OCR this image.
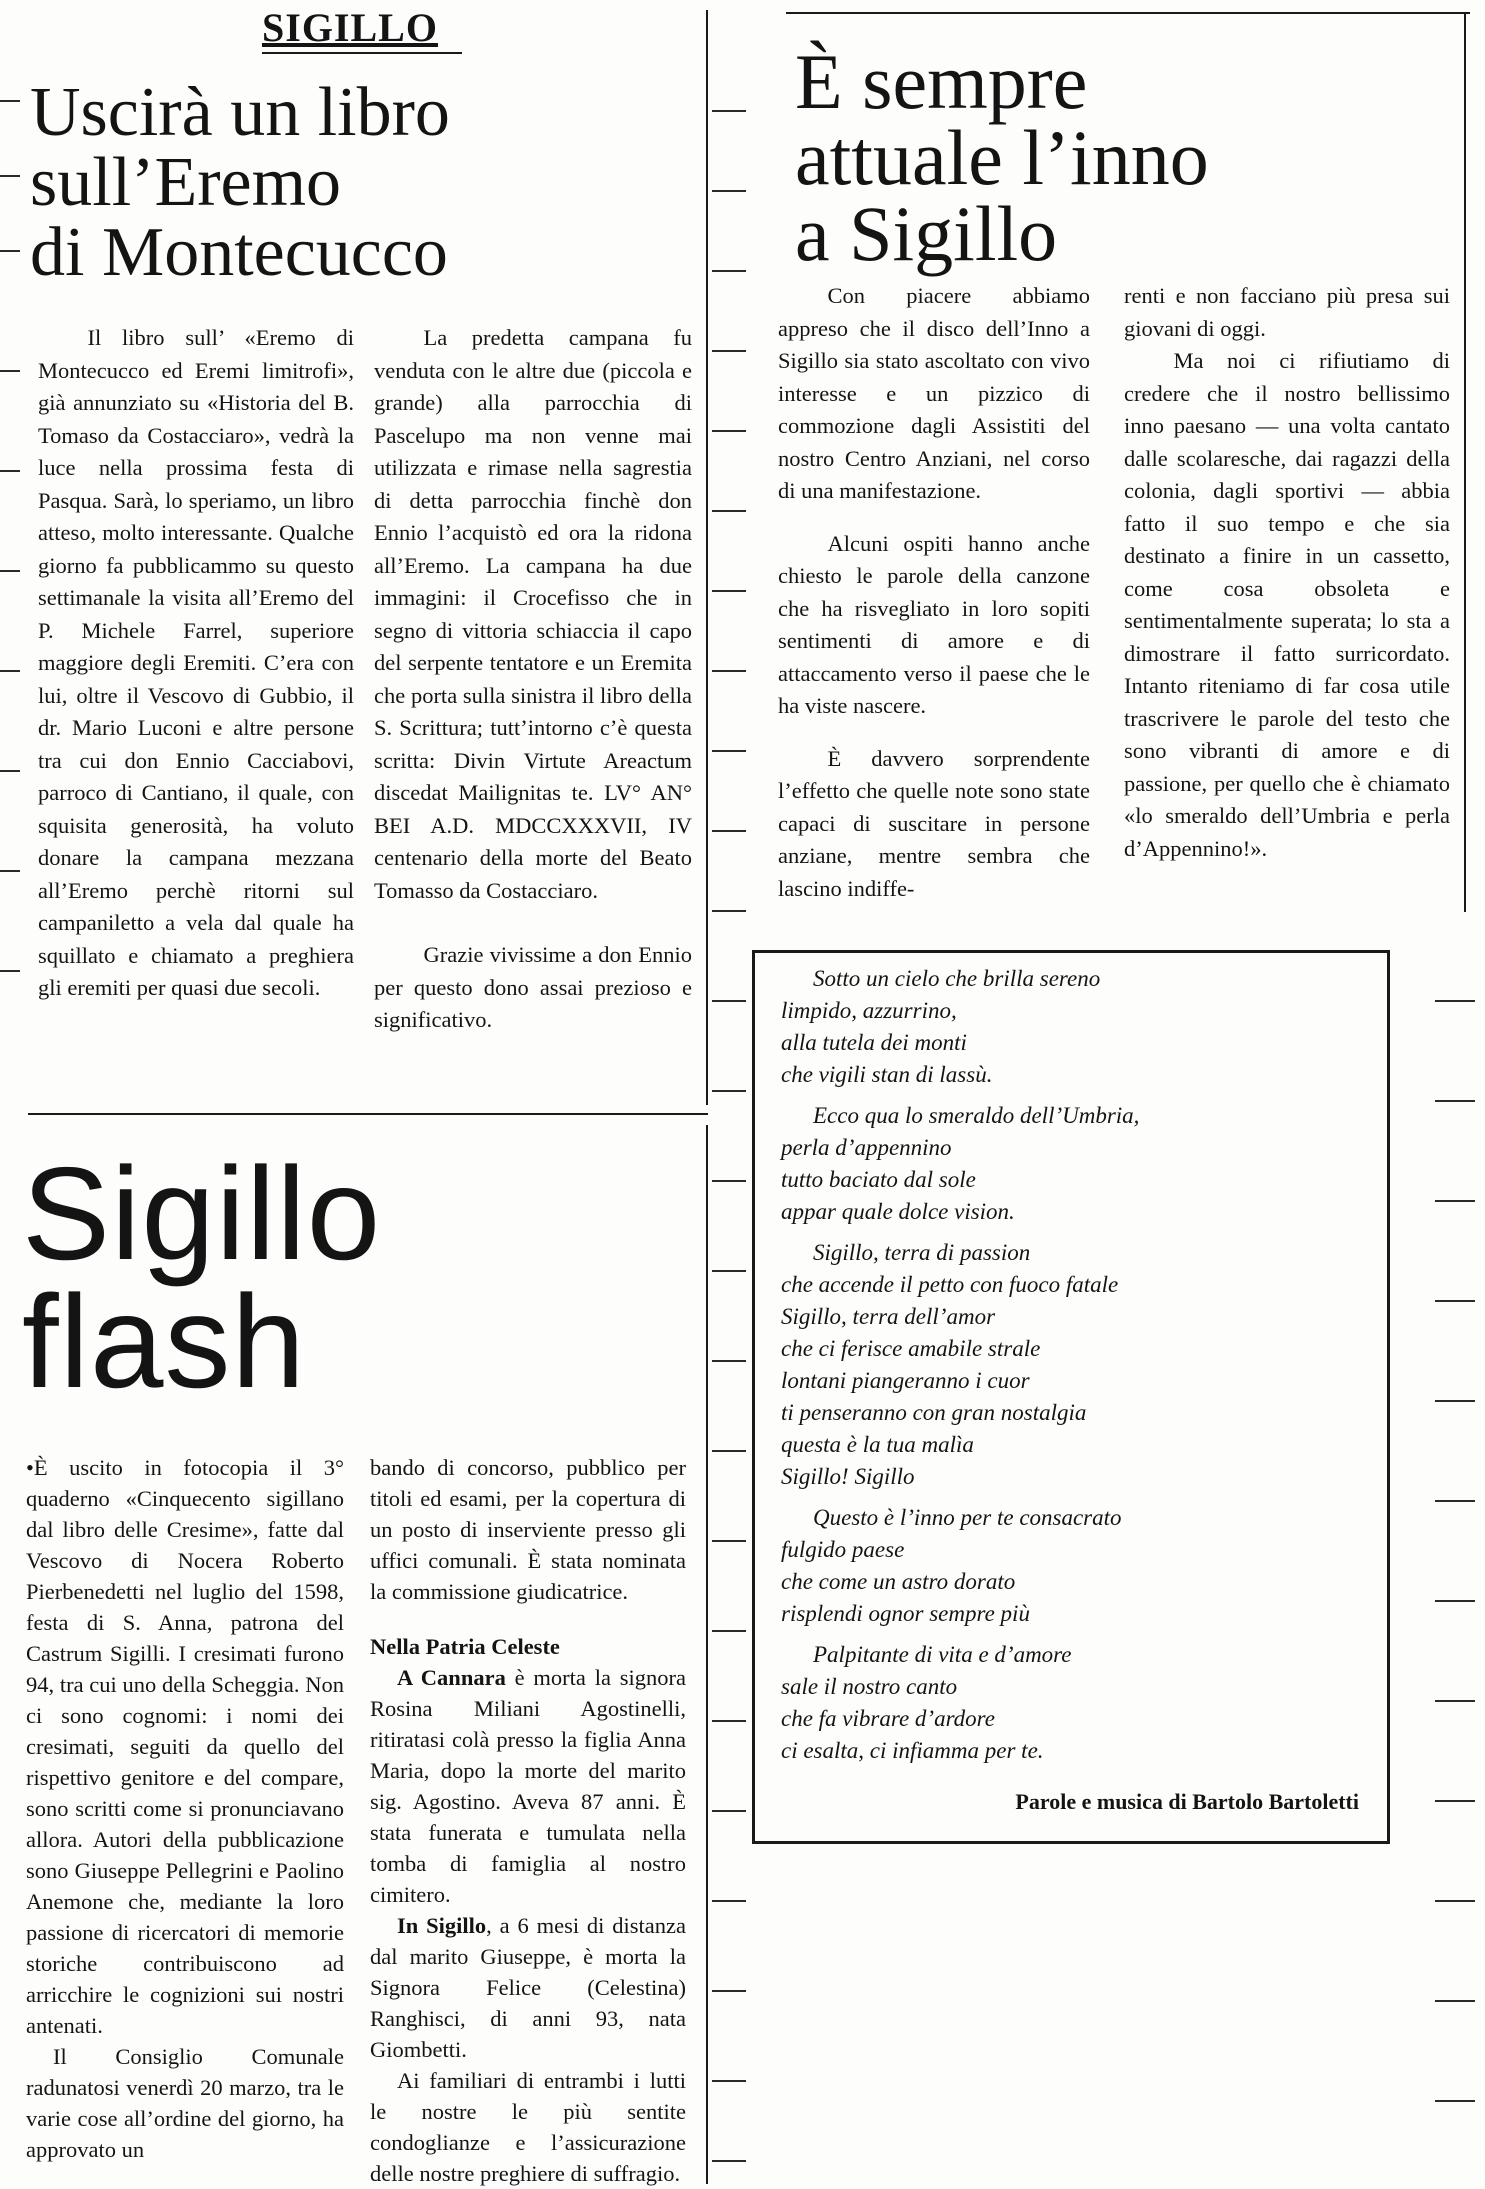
SIGILLO
Uscirà un libro
sull’Eremo
di Montecucco

Il libro sull’ «Eremo di Montecucco ed Eremi limitrofi», già annunziato su «Historia del B. Tomaso da Costacciaro», vedrà la luce nella prossima festa di Pasqua. Sarà, lo speriamo, un libro atteso, molto interessante. Qualche giorno fa pubblicammo su questo settimanale la visita all’Eremo del P. Michele Farrel, superiore maggiore degli Eremiti. C’era con lui, oltre il Vescovo di Gubbio, il dr. Mario Luconi e altre persone tra cui don Ennio Cacciabovi, parroco di Cantiano, il quale, con squisita generosità, ha voluto donare la campana mezzana all’Eremo perchè ritorni sul campaniletto a vela dal quale ha squillato e chiamato a preghiera gli eremiti per quasi due secoli.

La predetta campana fu venduta con le altre due (piccola e grande) alla parrocchia di Pascelupo ma non venne mai utilizzata e rimase nella sagrestia di detta parrocchia finchè don Ennio l’acquistò ed ora la ridona all’Eremo. La campana ha due immagini: il Crocefisso che in segno di vittoria schiaccia il capo del serpente tentatore e un Eremita che porta sulla sinistra il libro della S. Scrittura; tutt’intorno c’è questa scritta: Divin Virtute Areactum discedat Mailignitas te. LV° AN° BEI A.D. MDCCXXXVII, IV centenario della morte del Beato Tomasso da Costacciaro.

Grazie vivissime a don Ennio per questo dono assai prezioso e significativo.

È sempre
attuale l’inno
a Sigillo

Con piacere abbiamo appreso che il disco dell’Inno a Sigillo sia stato ascoltato con vivo interesse e un pizzico di commozione dagli Assistiti del nostro Centro Anziani, nel corso di una manifestazione.

Alcuni ospiti hanno anche chiesto le parole della canzone che ha risvegliato in loro sopiti sentimenti di amore e di attaccamento verso il paese che le ha viste nascere.

È davvero sorprendente l’effetto che quelle note sono state capaci di suscitare in persone anziane, mentre sembra che lascino indiffe-

renti e non facciano più presa sui giovani di oggi.

Ma noi ci rifiutiamo di credere che il nostro bellissimo inno paesano — una volta cantato dalle scolaresche, dai ragazzi della colonia, dagli sportivi — abbia fatto il suo tempo e che sia destinato a finire in un cassetto, come cosa obsoleta e sentimentalmente superata; lo sta a dimostrare il fatto surricordato. Intanto riteniamo di far cosa utile trascrivere le parole del testo che sono vibranti di amore e di passione, per quello che è chiamato «lo smeraldo dell’Umbria e perla d’Appennino!».

Sotto un cielo che brilla sereno
limpido, azzurrino,
alla tutela dei monti
che vigili stan di lassù.
Ecco qua lo smeraldo dell’Umbria,
perla d’appennino
tutto baciato dal sole
appar quale dolce vision.
Sigillo, terra di passion
che accende il petto con fuoco fatale
Sigillo, terra dell’amor
che ci ferisce amabile strale
lontani piangeranno i cuor
ti penseranno con gran nostalgia
questa è la tua malìa
Sigillo! Sigillo
Questo è l’inno per te consacrato
fulgido paese
che come un astro dorato
risplendi ognor sempre più
Palpitante di vita e d’amore
sale il nostro canto
che fa vibrare d’ardore
ci esalta, ci infiamma per te.
Parole e musica di Bartolo Bartoletti
Sigillo
flash

•È uscito in fotocopia il 3° quaderno «Cinquecento sigillano dal libro delle Cresime», fatte dal Vescovo di Nocera Roberto Pierbenedetti nel luglio del 1598, festa di S. Anna, patrona del Castrum Sigilli. I cresimati furono 94, tra cui uno della Scheggia. Non ci sono cognomi: i nomi dei cresimati, seguiti da quello del rispettivo genitore e del compare, sono scritti come si pronunciavano allora. Autori della pubblicazione sono Giuseppe Pellegrini e Paolino Anemone che, mediante la loro passione di ricercatori di memorie storiche contribuiscono ad arricchire le cognizioni sui nostri antenati.

Il Consiglio Comunale radunatosi venerdì 20 marzo, tra le varie cose all’ordine del giorno, ha approvato un

bando di concorso, pubblico per titoli ed esami, per la copertura di un posto di inserviente presso gli uffici comunali. È stata nominata la commissione giudicatrice.

Nella Patria Celeste

A Cannara è morta la signora Rosina Miliani Agostinelli, ritiratasi colà presso la figlia Anna Maria, dopo la morte del marito sig. Agostino. Aveva 87 anni. È stata funerata e tumulata nella tomba di famiglia al nostro cimitero.

In Sigillo, a 6 mesi di distanza dal marito Giuseppe, è morta la Signora Felice (Celestina) Ranghisci, di anni 93, nata Giombetti.

Ai familiari di entrambi i lutti le nostre le più sentite condoglianze e l’assicurazione delle nostre preghiere di suffragio.
